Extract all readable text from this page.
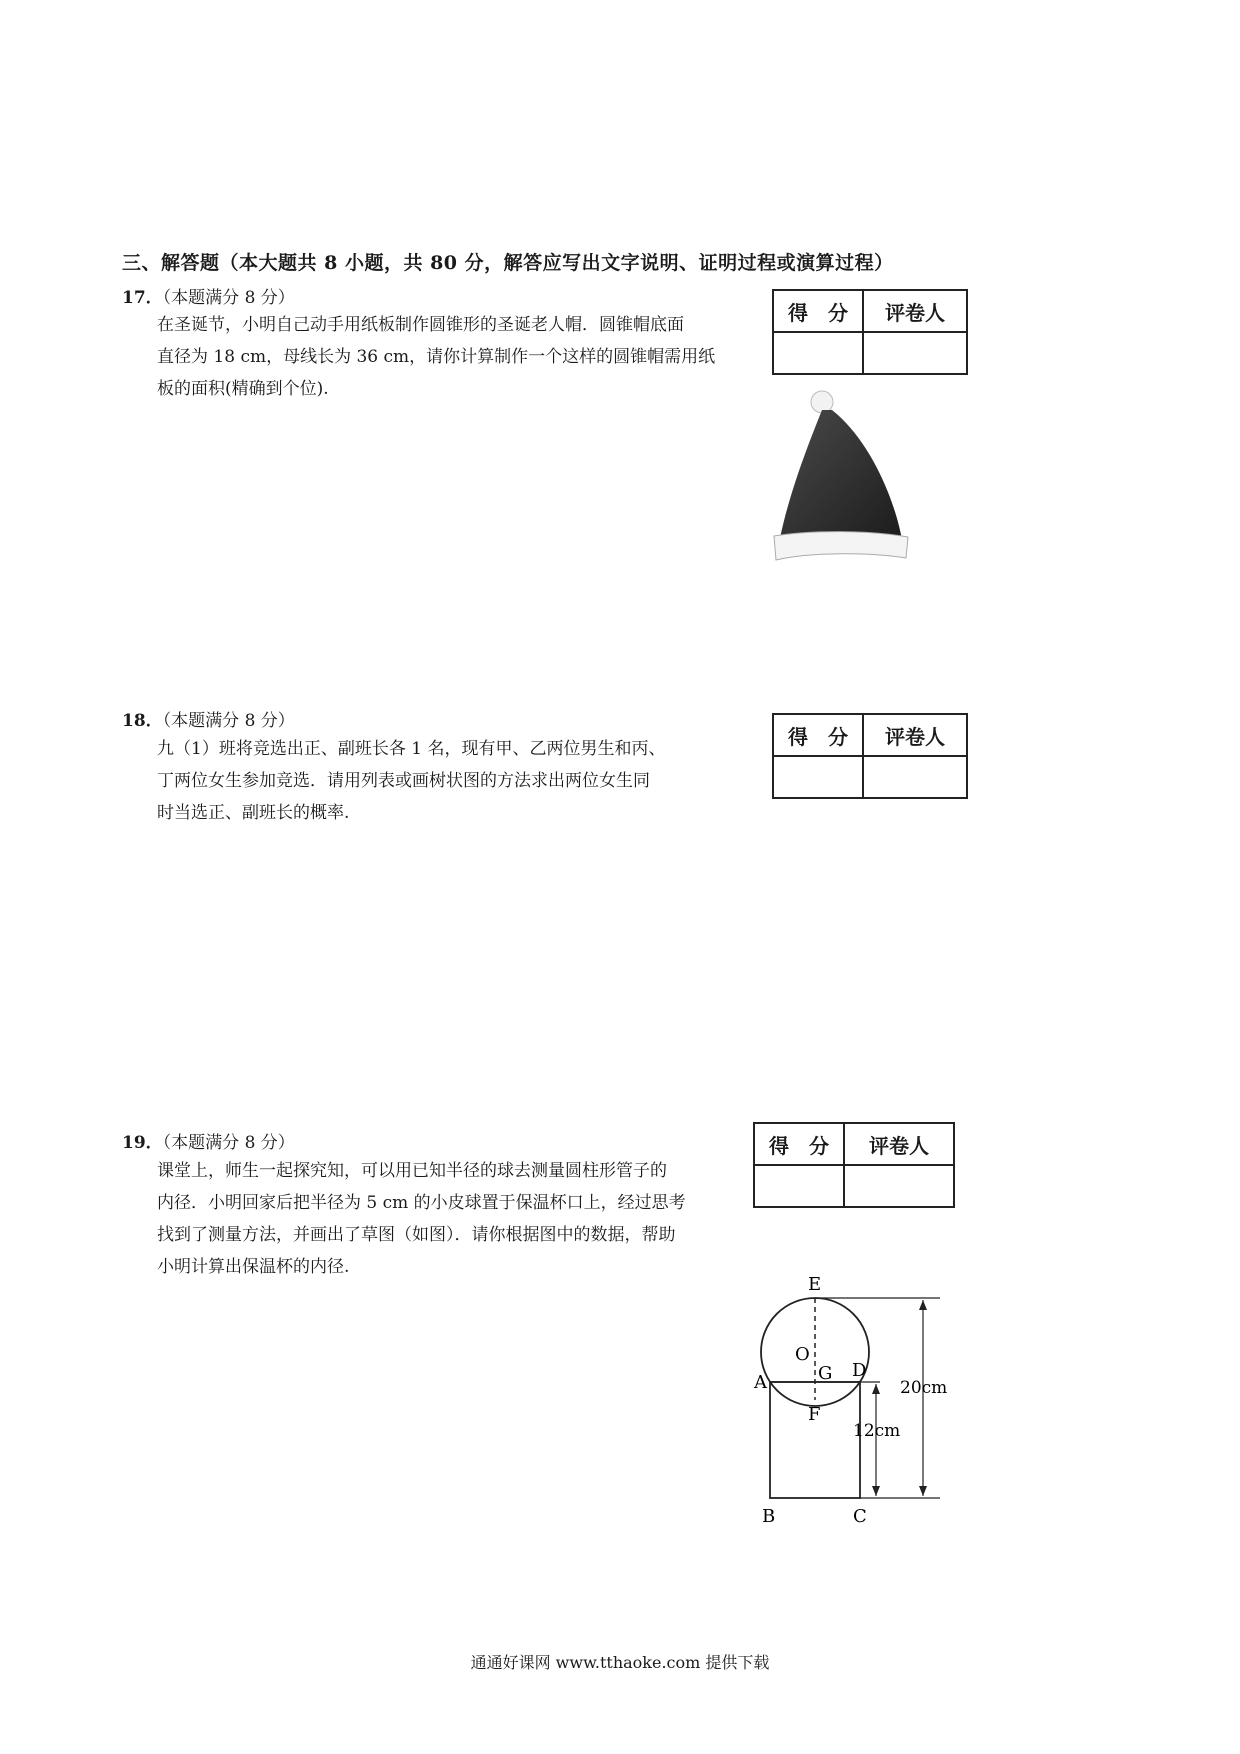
三、解答题（本大题共 8 小题，共 80 分，解答应写出文字说明、证明过程或演算过程）
17．（本题满分 8 分）
在圣诞节，小明自己动手用纸板制作圆锥形的圣诞老人帽．圆锥帽底面
直径为 18 cm，母线长为 36 cm，请你计算制作一个这样的圆锥帽需用纸
板的面积(精确到个位).
得　分	评卷人

18．（本题满分 8 分）
九（1）班将竞选出正、副班长各 1 名，现有甲、乙两位男生和丙、
丁两位女生参加竞选．请用列表或画树状图的方法求出两位女生同
时当选正、副班长的概率.
得　分	评卷人

19．（本题满分 8 分）
课堂上，师生一起探究知，可以用已知半径的球去测量圆柱形管子的
内径．小明回家后把半径为 5 cm 的小皮球置于保温杯口上，经过思考
找到了测量方法，并画出了草图（如图）．请你根据图中的数据，帮助
小明计算出保温杯的内径.
得　分	评卷人

E
O
G
A
D
F
B	C
20cm
12cm
通通好课网 www.tthaoke.com 提供下载
